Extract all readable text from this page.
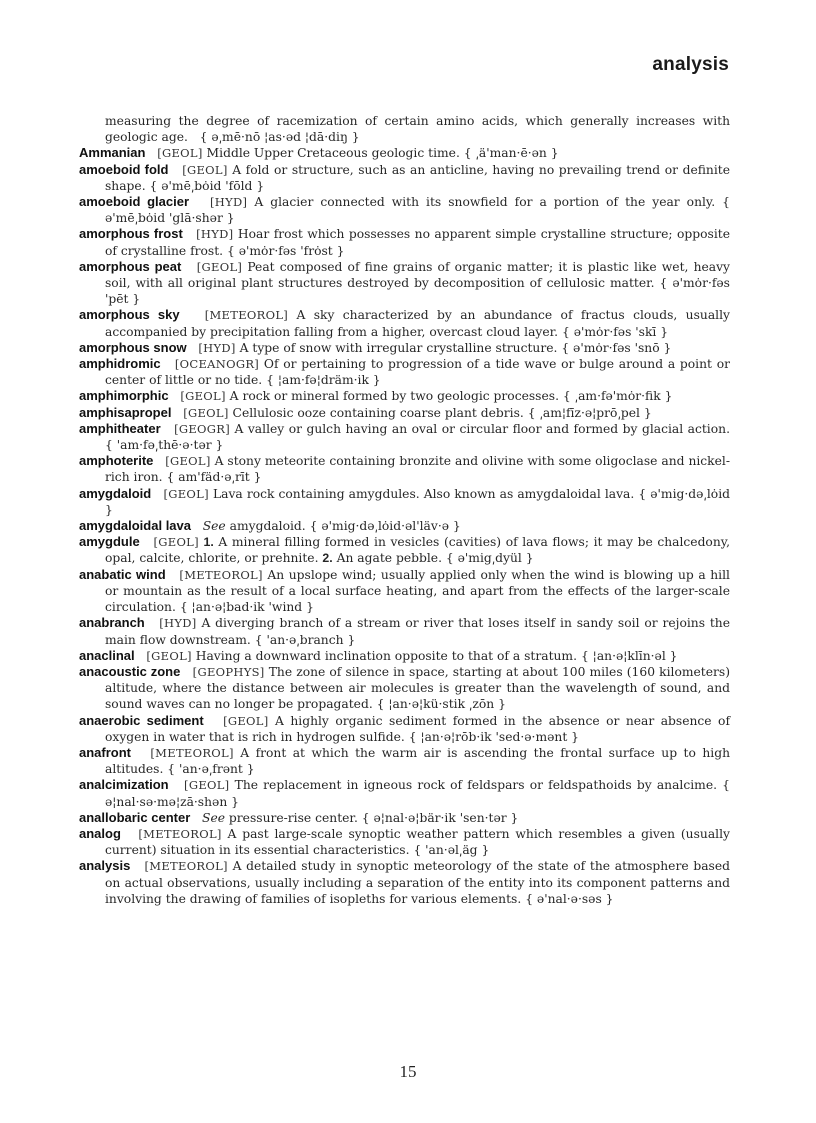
analysis

measuring the degree of racemization of certain amino acids, which generally increases with geologic age. { ə͵mē·nō ¦as·əd ¦dā·diŋ }

Ammanian [GEOL] Middle Upper Cretaceous geologic time. { ͵ä'man·ē·ən }

amoeboid fold [GEOL] A fold or structure, such as an anticline, having no prevailing trend or definite shape. { ə'mē͵bȯid 'fōld }

amoeboid glacier [HYD] A glacier connected with its snowfield for a portion of the year only. { ə'mē͵bȯid 'glā·shər }

amorphous frost [HYD] Hoar frost which possesses no apparent simple crystalline structure; opposite of crystalline frost. { ə'mȯr·fəs 'frȯst }

amorphous peat [GEOL] Peat composed of fine grains of organic matter; it is plastic like wet, heavy soil, with all original plant structures destroyed by decomposition of cellulosic matter. { ə'mȯr·fəs 'pēt }

amorphous sky [METEOROL] A sky characterized by an abundance of fractus clouds, usually accompanied by precipitation falling from a higher, overcast cloud layer. { ə'mȯr·fəs 'skī }

amorphous snow [HYD] A type of snow with irregular crystalline structure. { ə'mȯr·fəs 'snō }

amphidromic [OCEANOGR] Of or pertaining to progression of a tide wave or bulge around a point or center of little or no tide. { ¦am·fə¦dräm·ik }

amphimorphic [GEOL] A rock or mineral formed by two geologic processes. { ͵am·fə'mȯr·fik }

amphisapropel [GEOL] Cellulosic ooze containing coarse plant debris. { ͵am¦fīz·ə¦prō͵pel }

amphitheater [GEOGR] A valley or gulch having an oval or circular floor and formed by glacial action. { 'am·fə͵thē·ə·tər }

amphoterite [GEOL] A stony meteorite containing bronzite and olivine with some oligoclase and nickel-rich iron. { am'fäd·ə͵rīt }

amygdaloid [GEOL] Lava rock containing amygdules. Also known as amygdaloidal lava. { ə'mig·də͵lȯid }

amygdaloidal lava See amygdaloid. { ə'mig·də͵lȯid·əl'läv·ə }

amygdule [GEOL] 1. A mineral filling formed in vesicles (cavities) of lava flows; it may be chalcedony, opal, calcite, chlorite, or prehnite. 2. An agate pebble. { ə'mig͵dyül }

anabatic wind [METEOROL] An upslope wind; usually applied only when the wind is blowing up a hill or mountain as the result of a local surface heating, and apart from the effects of the larger-scale circulation. { ¦an·ə¦bad·ik 'wind }

anabranch [HYD] A diverging branch of a stream or river that loses itself in sandy soil or rejoins the main flow downstream. { 'an·ə͵branch }

anaclinal [GEOL] Having a downward inclination opposite to that of a stratum. { ¦an·ə¦klīn·əl }

anacoustic zone [GEOPHYS] The zone of silence in space, starting at about 100 miles (160 kilometers) altitude, where the distance between air molecules is greater than the wavelength of sound, and sound waves can no longer be propagated. { ¦an·ə¦kü·stik ͵zōn }

anaerobic sediment [GEOL] A highly organic sediment formed in the absence or near absence of oxygen in water that is rich in hydrogen sulfide. { ¦an·ə¦rōb·ik 'sed·ə·mənt }

anafront [METEOROL] A front at which the warm air is ascending the frontal surface up to high altitudes. { 'an·ə͵frənt }

analcimization [GEOL] The replacement in igneous rock of feldspars or feldspathoids by analcime. { ə¦nal·sə·mə¦zā·shən }

anallobaric center See pressure-rise center. { ə¦nal·ə¦bär·ik 'sen·tər }

analog [METEOROL] A past large-scale synoptic weather pattern which resembles a given (usually current) situation in its essential characteristics. { 'an·əl͵äg }

analysis [METEOROL] A detailed study in synoptic meteorology of the state of the atmosphere based on actual observations, usually including a separation of the entity into its component patterns and involving the drawing of families of isopleths for various elements. { ə'nal·ə·səs }

15
